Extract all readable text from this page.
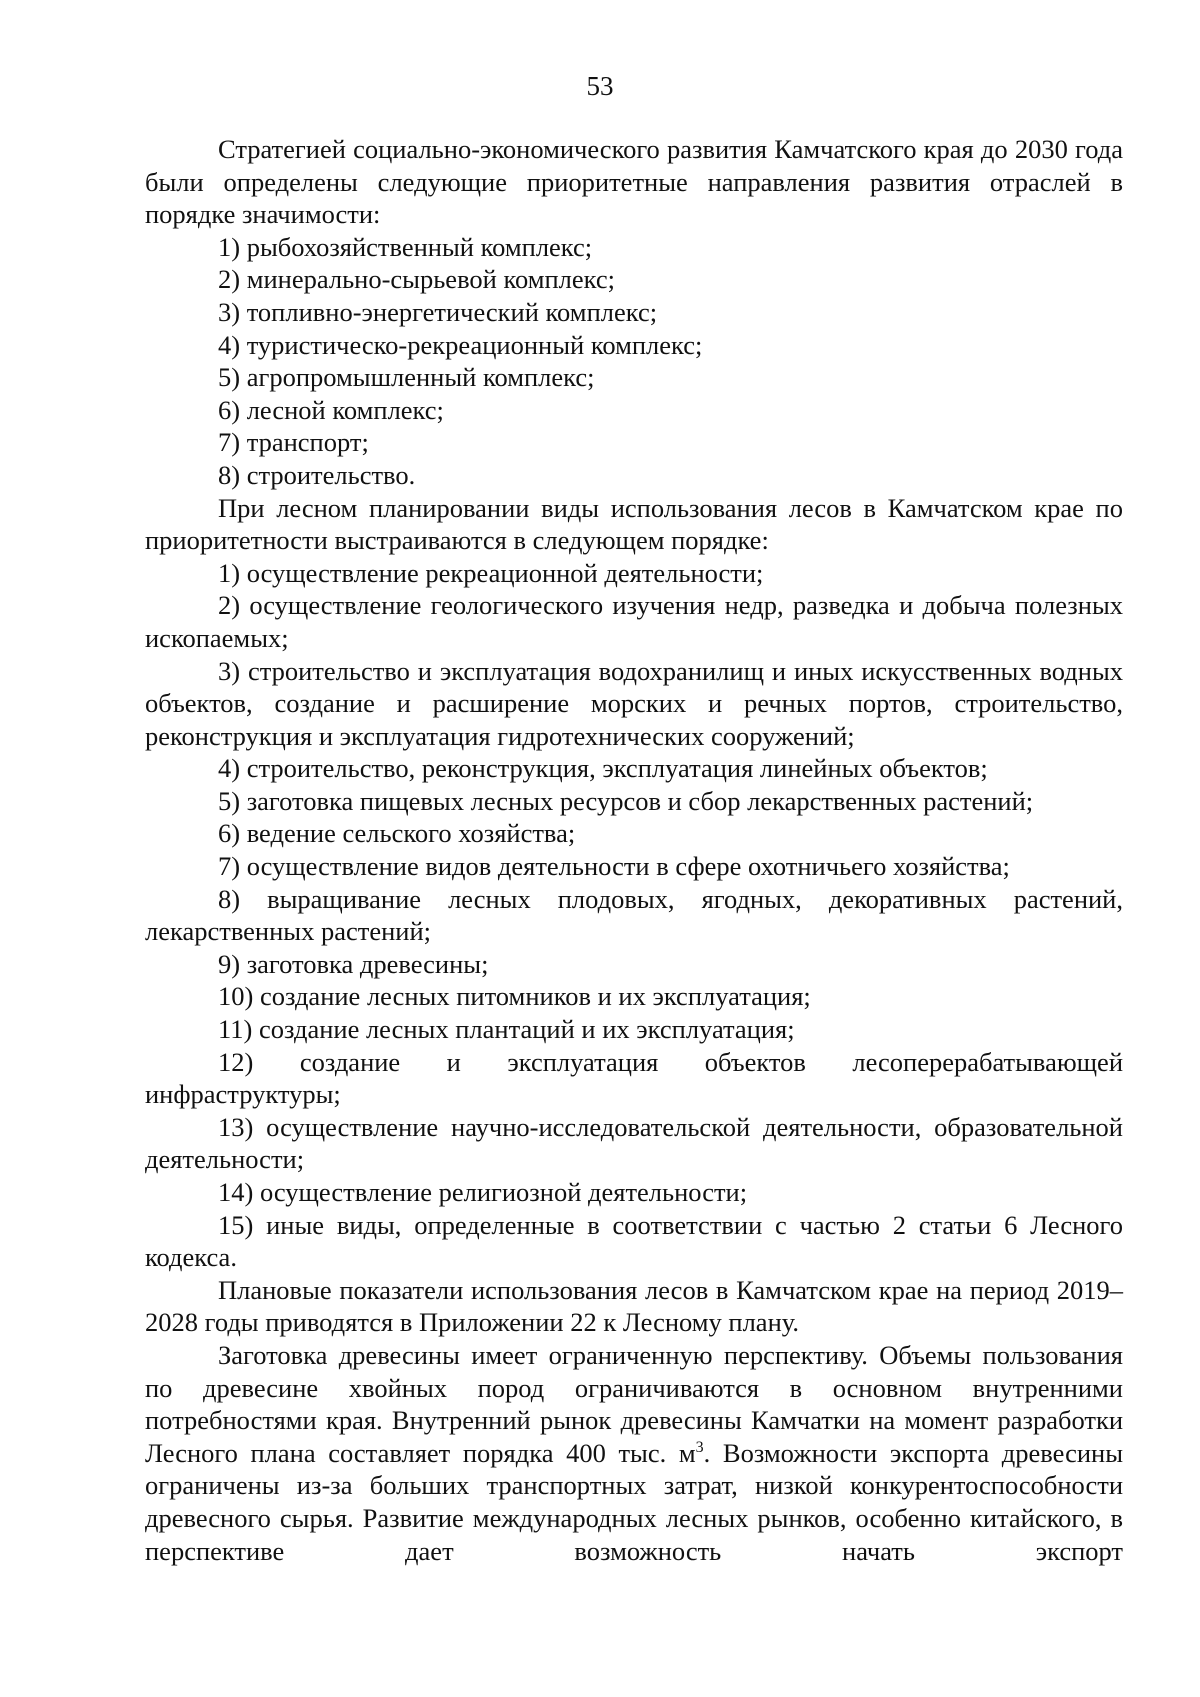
53

Стратегией социально-экономического развития Камчатского края до 2030 года были определены следующие приоритетные направления развития отраслей в порядке значимости:

1) рыбохозяйственный комплекс;

2) минерально-сырьевой комплекс;

3) топливно-энергетический комплекс;

4) туристическо-рекреационный комплекс;

5) агропромышленный комплекс;

6) лесной комплекс;

7) транспорт;

8) строительство.

При лесном планировании виды использования лесов в Камчатском крае по приоритетности выстраиваются в следующем порядке:

1) осуществление рекреационной деятельности;

2) осуществление геологического изучения недр, разведка и добыча полезных ископаемых;

3) строительство и эксплуатация водохранилищ и иных искусственных водных объектов, создание и расширение морских и речных портов, строительство, реконструкция и эксплуатация гидротехнических сооружений;

4) строительство, реконструкция, эксплуатация линейных объектов;

5) заготовка пищевых лесных ресурсов и сбор лекарственных растений;

6) ведение сельского хозяйства;

7) осуществление видов деятельности в сфере охотничьего хозяйства;

8) выращивание лесных плодовых, ягодных, декоративных растений, лекарственных растений;

9) заготовка древесины;

10) создание лесных питомников и их эксплуатация;

11) создание лесных плантаций и их эксплуатация;

12) создание и эксплуатация объектов лесоперерабатывающей инфраструктуры;

13) осуществление научно-исследовательской деятельности, образовательной деятельности;

14) осуществление религиозной деятельности;

15) иные виды, определенные в соответствии с частью 2 статьи 6 Лесного кодекса.

Плановые показатели использования лесов в Камчатском крае на период 2019–2028 годы приводятся в Приложении 22 к Лесному плану.

Заготовка древесины имеет ограниченную перспективу. Объемы пользования по древесине хвойных пород ограничиваются в основном внутренними потребностями края. Внутренний рынок древесины Камчатки на момент разработки Лесного плана составляет порядка 400 тыс. $м^3$. Возможности экспорта древесины ограничены из-за больших транспортных затрат, низкой конкурентоспособности древесного сырья. Развитие международных лесных рынков, особенно китайского, в перспективе дает возможность начать экспорт
